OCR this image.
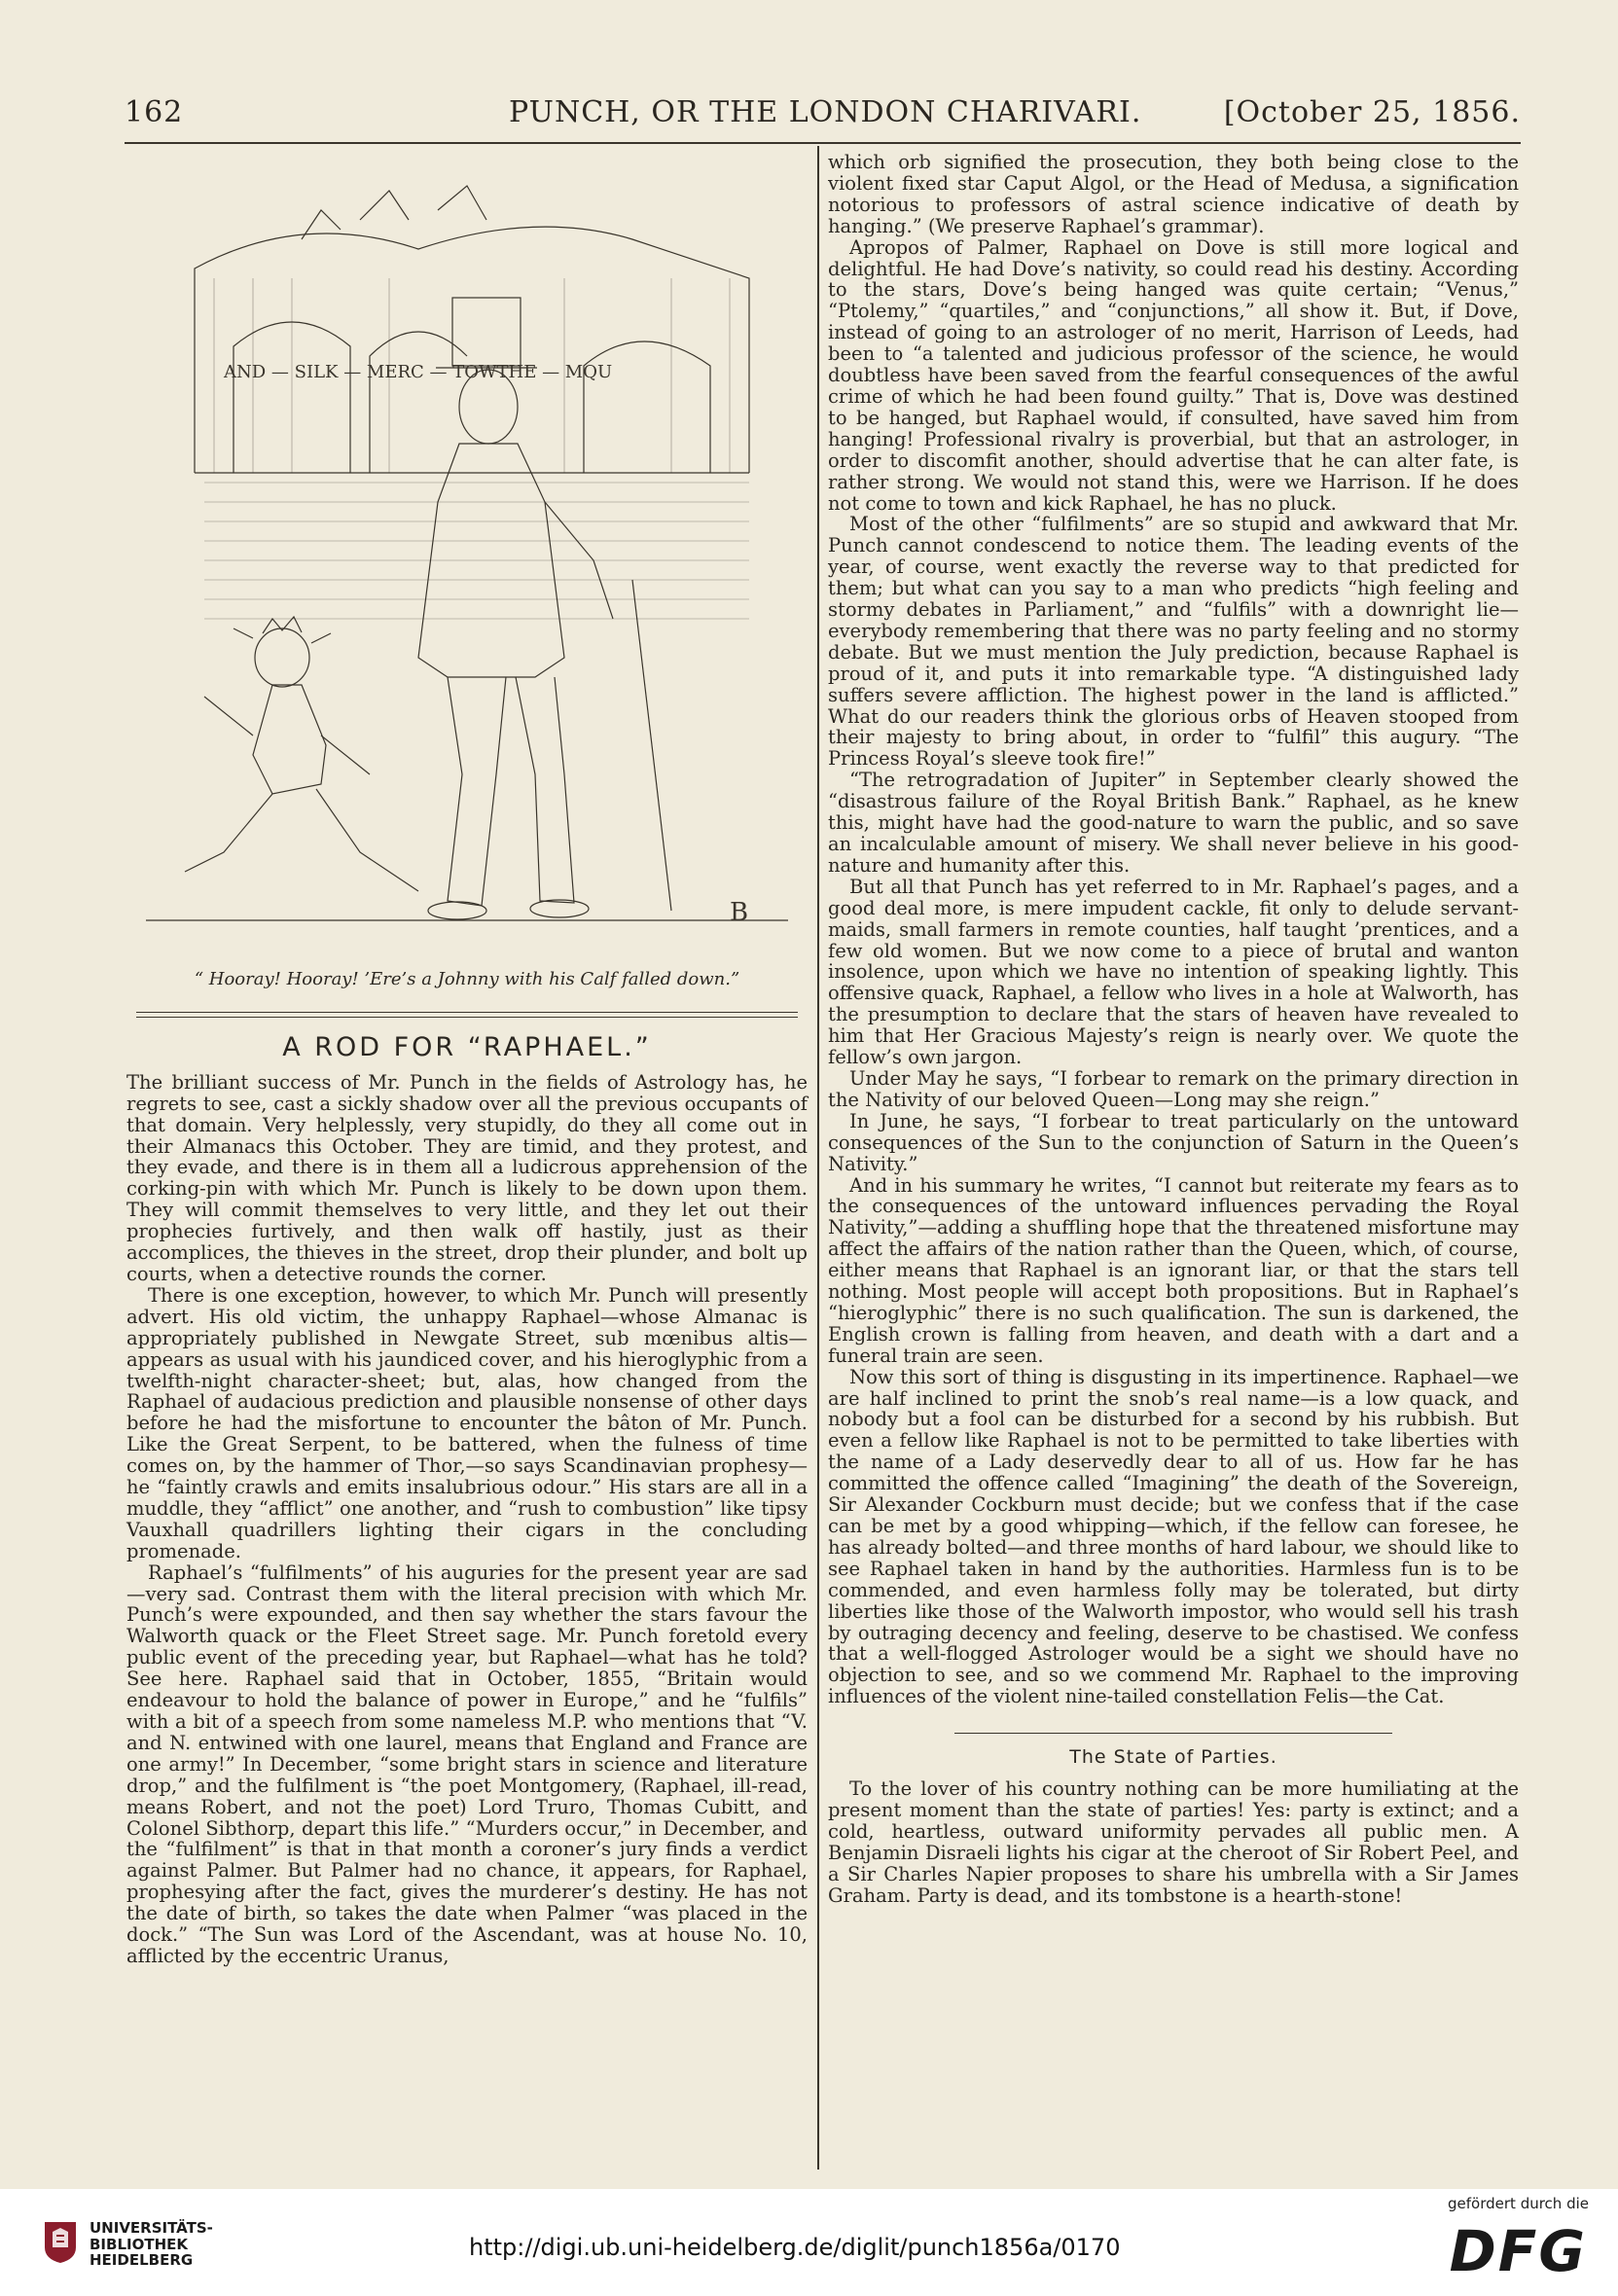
162	PUNCH, OR THE LONDON CHARIVARI.	[October 25, 1856.
AND — SILK — MERC — TOWTHE — MQU
B

“ Hooray! Hooray! ’Ere’s a Johnny with his Calf falled down.”

A ROD FOR “RAPHAEL.”

The brilliant success of Mr. Punch in the fields of Astrology has, he regrets to see, cast a sickly shadow over all the previous occupants of that domain. Very helplessly, very stupidly, do they all come out in their Almanacs this October. They are timid, and they protest, and they evade, and there is in them all a ludicrous apprehension of the corking-pin with which Mr. Punch is likely to be down upon them. They will commit themselves to very little, and they let out their prophecies furtively, and then walk off hastily, just as their accomplices, the thieves in the street, drop their plunder, and bolt up courts, when a detective rounds the corner.

There is one exception, however, to which Mr. Punch will presently advert. His old victim, the unhappy Raphael—whose Almanac is appropriately published in Newgate Street, sub mœnibus altis—appears as usual with his jaundiced cover, and his hieroglyphic from a twelfth-night character-sheet; but, alas, how changed from the Raphael of audacious prediction and plausible nonsense of other days before he had the misfortune to encounter the bâton of Mr. Punch. Like the Great Serpent, to be battered, when the fulness of time comes on, by the hammer of Thor,—so says Scandinavian prophesy—he “faintly crawls and emits insalubrious odour.” His stars are all in a muddle, they “afflict” one another, and “rush to combustion” like tipsy Vauxhall quadrillers lighting their cigars in the concluding promenade.

Raphael’s “fulfilments” of his auguries for the present year are sad—very sad. Contrast them with the literal precision with which Mr. Punch’s were expounded, and then say whether the stars favour the Walworth quack or the Fleet Street sage. Mr. Punch foretold every public event of the preceding year, but Raphael—what has he told? See here. Raphael said that in October, 1855, “Britain would endeavour to hold the balance of power in Europe,” and he “fulfils” with a bit of a speech from some nameless M.P. who mentions that “V. and N. entwined with one laurel, means that England and France are one army!” In December, “some bright stars in science and literature drop,” and the fulfilment is “the poet Montgomery, (Raphael, ill-read, means Robert, and not the poet) Lord Truro, Thomas Cubitt, and Colonel Sibthorp, depart this life.” “Murders occur,” in December, and the “fulfilment” is that in that month a coroner’s jury finds a verdict against Palmer. But Palmer had no chance, it appears, for Raphael, prophesying after the fact, gives the murderer’s destiny. He has not the date of birth, so takes the date when Palmer “was placed in the dock.” “The Sun was Lord of the Ascendant, was at house No. 10, afflicted by the eccentric Uranus,

which orb signified the prosecution, they both being close to the violent fixed star Caput Algol, or the Head of Medusa, a signification notorious to professors of astral science indicative of death by hanging.” (We preserve Raphael’s grammar).

Apropos of Palmer, Raphael on Dove is still more logical and delightful. He had Dove’s nativity, so could read his destiny. According to the stars, Dove’s being hanged was quite certain; “Venus,” “Ptolemy,” “quartiles,” and “conjunctions,” all show it. But, if Dove, instead of going to an astrologer of no merit, Harrison of Leeds, had been to “a talented and judicious professor of the science, he would doubtless have been saved from the fearful consequences of the awful crime of which he had been found guilty.” That is, Dove was destined to be hanged, but Raphael would, if consulted, have saved him from hanging! Professional rivalry is proverbial, but that an astrologer, in order to discomfit another, should advertise that he can alter fate, is rather strong. We would not stand this, were we Harrison. If he does not come to town and kick Raphael, he has no pluck.

Most of the other “fulfilments” are so stupid and awkward that Mr. Punch cannot condescend to notice them. The leading events of the year, of course, went exactly the reverse way to that predicted for them; but what can you say to a man who predicts “high feeling and stormy debates in Parliament,” and “fulfils” with a downright lie—everybody remembering that there was no party feeling and no stormy debate. But we must mention the July prediction, because Raphael is proud of it, and puts it into remarkable type. “A distinguished lady suffers severe affliction. The highest power in the land is afflicted.” What do our readers think the glorious orbs of Heaven stooped from their majesty to bring about, in order to “fulfil” this augury. “The Princess Royal’s sleeve took fire!”

“The retrogradation of Jupiter” in September clearly showed the “disastrous failure of the Royal British Bank.” Raphael, as he knew this, might have had the good-nature to warn the public, and so save an incalculable amount of misery. We shall never believe in his good-nature and humanity after this.

But all that Punch has yet referred to in Mr. Raphael’s pages, and a good deal more, is mere impudent cackle, fit only to delude servant-maids, small farmers in remote counties, half taught ’prentices, and a few old women. But we now come to a piece of brutal and wanton insolence, upon which we have no intention of speaking lightly. This offensive quack, Raphael, a fellow who lives in a hole at Walworth, has the presumption to declare that the stars of heaven have revealed to him that Her Gracious Majesty’s reign is nearly over. We quote the fellow’s own jargon.

Under May he says, “I forbear to remark on the primary direction in the Nativity of our beloved Queen—Long may she reign.”

In June, he says, “I forbear to treat particularly on the untoward consequences of the Sun to the conjunction of Saturn in the Queen’s Nativity.”

And in his summary he writes, “I cannot but reiterate my fears as to the consequences of the untoward influences pervading the Royal Nativity,”—adding a shuffling hope that the threatened misfortune may affect the affairs of the nation rather than the Queen, which, of course, either means that Raphael is an ignorant liar, or that the stars tell nothing. Most people will accept both propositions. But in Raphael’s “hieroglyphic” there is no such qualification. The sun is darkened, the English crown is falling from heaven, and death with a dart and a funeral train are seen.

Now this sort of thing is disgusting in its impertinence. Raphael—we are half inclined to print the snob’s real name—is a low quack, and nobody but a fool can be disturbed for a second by his rubbish. But even a fellow like Raphael is not to be permitted to take liberties with the name of a Lady deservedly dear to all of us. How far he has committed the offence called “Imagining” the death of the Sovereign, Sir Alexander Cockburn must decide; but we confess that if the case can be met by a good whipping—which, if the fellow can foresee, he has already bolted—and three months of hard labour, we should like to see Raphael taken in hand by the authorities. Harmless fun is to be commended, and even harmless folly may be tolerated, but dirty liberties like those of the Walworth impostor, who would sell his trash by outraging decency and feeling, deserve to be chastised. We confess that a well-flogged Astrologer would be a sight we should have no objection to see, and so we commend Mr. Raphael to the improving influences of the violent nine-tailed constellation Felis—the Cat.

The State of Parties.

To the lover of his country nothing can be more humiliating at the present moment than the state of parties! Yes: party is extinct; and a cold, heartless, outward uniformity pervades all public men. A Benjamin Disraeli lights his cigar at the cheroot of Sir Robert Peel, and a Sir Charles Napier proposes to share his umbrella with a Sir James Graham. Party is dead, and its tombstone is a hearth-stone!

UNIVERSITÄTS-
BIBLIOTHEK
HEIDELBERG	http://digi.ub.uni-heidelberg.de/diglit/punch1856a/0170
gefördert durch die
DFG
